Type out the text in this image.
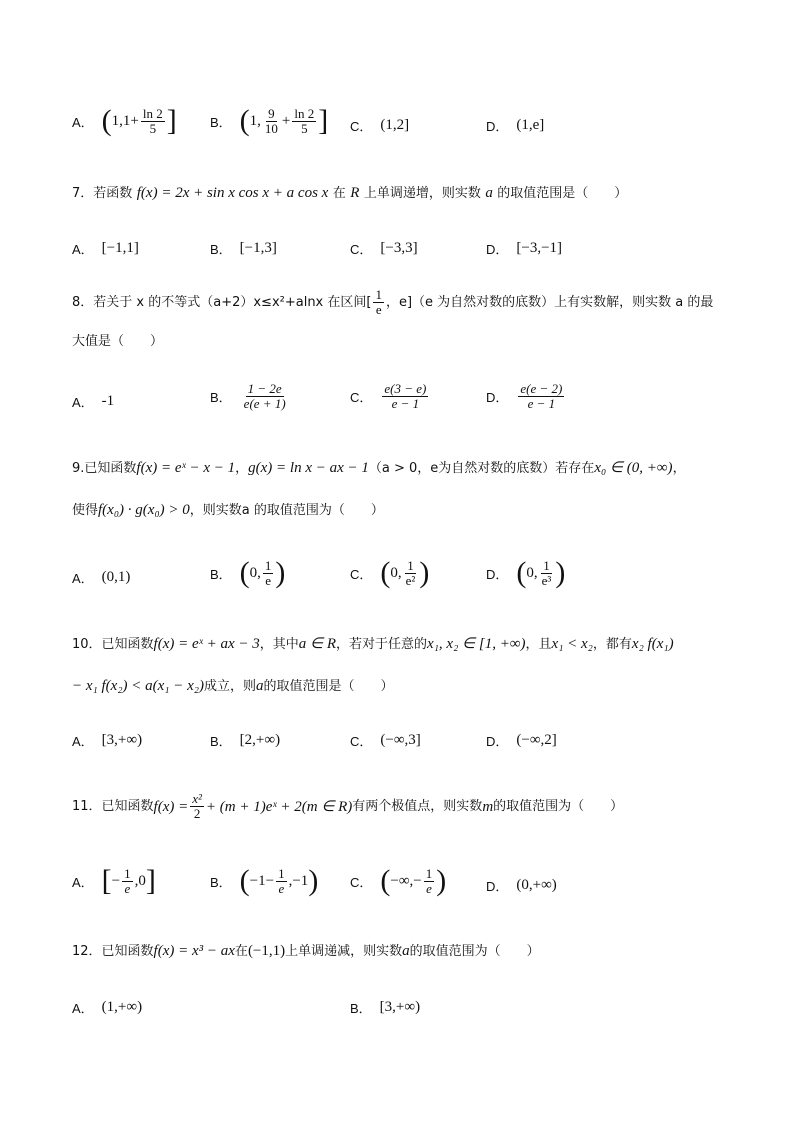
A． ( $1,1+ \frac{\ln 2}{5}$ ]	B． ( 1, $\frac{9}{10} + \frac{\ln 2}{5}$ ] C． (1,2]	D． (1,e]
7．若函数 f(x) = 2x + sin x cos x + a cos x 在 R 上单调递增，则实数 a 的取值范围是（　　）
A． [−1,1]	B． [−1,3]	C． [−3,3]	D． [−3,−1]
8．若关于 x 的不等式（a+2）x≤x²+alnx 在区间[ $\frac{1}{e}$ ，e]（e 为自然对数的底数）上有实数解，则实数 a 的最
大值是（　　）
A． -1	B． $\frac{1 - 2e}{e(e + 1)}$	C． $\frac{e(3 - e)}{e - 1}$	D． $\frac{e(e - 2)}{e - 1}$
9.已知函数f(x) = eˣ − x − 1，g(x) = ln x − ax − 1（a > 0，e为自然对数的底数）若存在x₀ ∈ (0, +∞)，
使得f(x₀) · g(x₀) > 0，则实数a 的取值范围为（　　）
A． (0,1)	B． ( 0, $\frac{1}{e}$ )	C． ( 0, $\frac{1}{\text{e²}}$ )	D． ( 0, $\frac{1}{\text{e³}}$ )
10．已知函数f(x) = eˣ + ax − 3，其中a ∈ R，若对于任意的x₁, x₂ ∈ [1, +∞)，且x₁ < x₂，都有x₂ f(x₁)
− x₁ f(x₂) < a(x₁ − x₂)成立，则a的取值范围是（　　）
A． [3,+∞)	B． [2,+∞)	C． (−∞,3]	D． (−∞,2]
11．已知函数 $f(x) = \frac{\text{x²}}{2} + (m$ + 1)eˣ + 2(m ∈ R) 有两个极值点，则实数 m 的取值范围为（　　）
A． [ − $\frac{1}{e} ,0$ ]	B． ( $-1- \frac{1}{e} ,-1$ ) C． ( −∞,− $\frac{1}{e}$ )	D． (0,+∞)
12．已知函数f(x) = x³ − ax在(−1,1)上单调递减，则实数a的取值范围为（　　）
A． (1,+∞)	B． [3,+∞)
